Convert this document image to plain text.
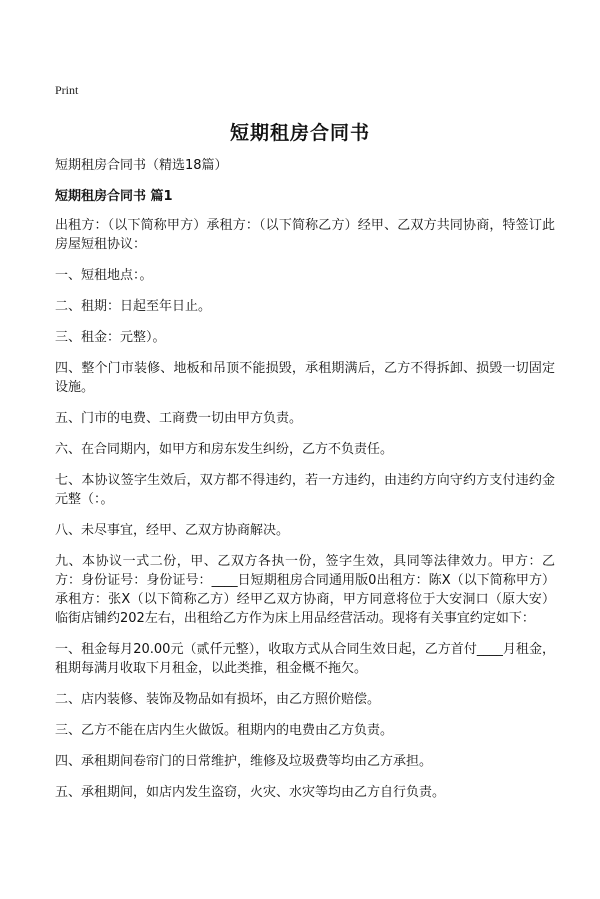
Print
短期租房合同书
短期租房合同书（精选18篇）
短期租房合同书 篇1

出租方：（以下简称甲方）承租方：（以下简称乙方）经甲、乙双方共同协商，特签订此房屋短租协议：

一、短租地点：。

二、租期：日起至年日止。

三、租金：元整）。

四、整个门市装修、地板和吊顶不能损毁，承租期满后，乙方不得拆卸、损毁一切固定设施。

五、门市的电费、工商费一切由甲方负责。

六、在合同期内，如甲方和房东发生纠纷，乙方不负责任。

七、本协议签字生效后，双方都不得违约，若一方违约，由违约方向守约方支付违约金元整（：。

八、未尽事宜，经甲、乙双方协商解决。

九、本协议一式二份，甲、乙双方各执一份，签字生效，具同等法律效力。甲方：乙方：身份证号：身份证号：____日短期租房合同通用版0出租方：陈X（以下简称甲方）承租方：张X（以下简称乙方）经甲乙双方协商，甲方同意将位于大安洞口（原大安）临街店铺约202左右，出租给乙方作为床上用品经营活动。现将有关事宜约定如下：

一、租金每月20.00元（贰仟元整），收取方式从合同生效日起，乙方首付____月租金，租期每满月收取下月租金，以此类推，租金概不拖欠。

二、店内装修、装饰及物品如有损坏，由乙方照价赔偿。

三、乙方不能在店内生火做饭。租期内的电费由乙方负责。

四、承租期间卷帘门的日常维护，维修及垃圾费等均由乙方承担。

五、承租期间，如店内发生盗窃，火灾、水灾等均由乙方自行负责。
